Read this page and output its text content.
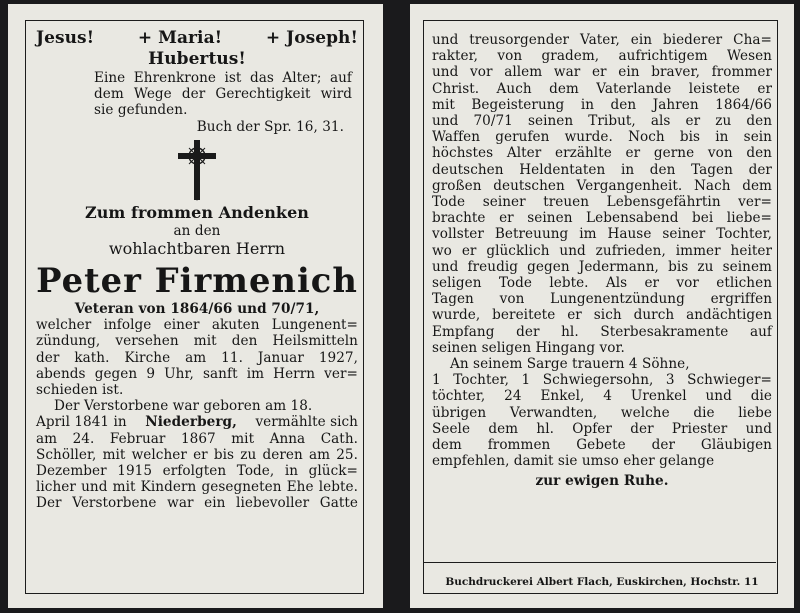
Jesus!	+ Maria!	+ Joseph!
Hubertus!
Eine Ehrenkrone ist das Alter; auf
dem Wege der Gerechtigkeit wird
sie gefunden.
Buch der Spr. 16, 31.
Zum frommen Andenken
an den
wohlachtbaren Herrn
Peter Firmenich
Veteran von 1864/66 und 70/71,
welcher infolge einer akuten Lungenent=
zündung, versehen mit den Heilsmitteln
der kath. Kirche am 11. Januar 1927,
abends gegen 9 Uhr, sanft im Herrn ver=
schieden ist.
Der Verstorbene war geboren am 18.
April 1841 in Niederberg, vermählte sich
am 24. Februar 1867 mit Anna Cath.
Schöller, mit welcher er bis zu deren am 25.
Dezember 1915 erfolgten Tode, in glück=
licher und mit Kindern gesegneten Ehe lebte.
Der Verstorbene war ein liebevoller Gatte
und treusorgender Vater, ein biederer Cha=
rakter, von gradem, aufrichtigem Wesen
und vor allem war er ein braver, frommer
Christ. Auch dem Vaterlande leistete er
mit Begeisterung in den Jahren 1864/66
und 70/71 seinen Tribut, als er zu den
Waffen gerufen wurde. Noch bis in sein
höchstes Alter erzählte er gerne von den
deutschen Heldentaten in den Tagen der
großen deutschen Vergangenheit. Nach dem
Tode seiner treuen Lebensgefährtin ver=
brachte er seinen Lebensabend bei liebe=
vollster Betreuung im Hause seiner Tochter,
wo er glücklich und zufrieden, immer heiter
und freudig gegen Jedermann, bis zu seinem
seligen Tode lebte. Als er vor etlichen
Tagen von Lungenentzündung ergriffen
wurde, bereitete er sich durch andächtigen
Empfang der hl. Sterbesakramente auf
seinen seligen Hingang vor.
An seinem Sarge trauern 4 Söhne,
1 Tochter, 1 Schwiegersohn, 3 Schwieger=
töchter, 24 Enkel, 4 Urenkel und die
übrigen Verwandten, welche die liebe
Seele dem hl. Opfer der Priester und
dem frommen Gebete der Gläubigen
empfehlen, damit sie umso eher gelange
zur ewigen Ruhe.
Buchdruckerei Albert Flach, Euskirchen, Hochstr. 11
